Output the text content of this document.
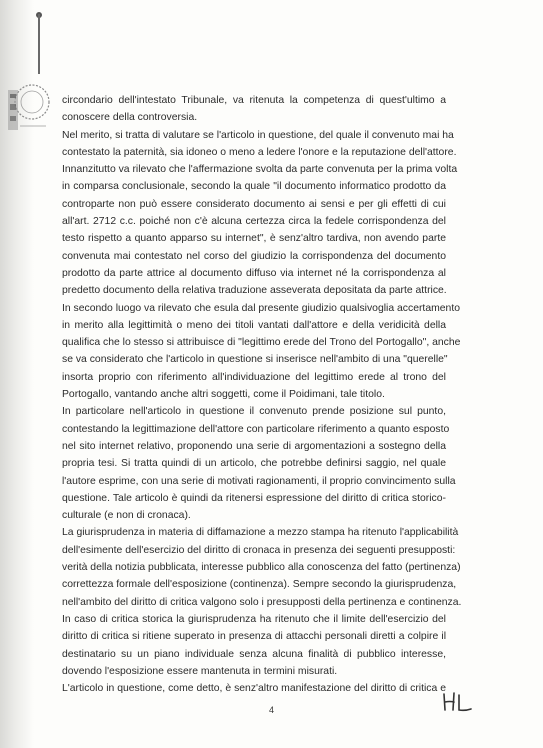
circondario dell'intestato Tribunale, va ritenuta la competenza di quest'ultimo a
conoscere della controversia.
Nel merito, si tratta di valutare se l'articolo in questione, del quale il convenuto mai ha
contestato la paternità, sia idoneo o meno a ledere l'onore e la reputazione dell'attore.
Innanzitutto va rilevato che l'affermazione svolta da parte convenuta per la prima volta
in comparsa conclusionale, secondo la quale "il documento informatico prodotto da
controparte non può essere considerato documento ai sensi e per gli effetti di cui
all'art. 2712 c.c. poiché non c'è alcuna certezza circa la fedele corrispondenza del
testo rispetto a quanto apparso su internet", è senz'altro tardiva, non avendo parte
convenuta mai contestato nel corso del giudizio la corrispondenza del documento
prodotto da parte attrice al documento diffuso via internet né la corrispondenza al
predetto documento della relativa traduzione asseverata depositata da parte attrice.
In secondo luogo va rilevato che esula dal presente giudizio qualsivoglia accertamento
in merito alla legittimità o meno dei titoli vantati dall'attore e della veridicità della
qualifica che lo stesso si attribuisce di "legittimo erede del Trono del Portogallo", anche
se va considerato che l'articolo in questione si inserisce nell'ambito di una "querelle"
insorta proprio con riferimento all'individuazione del legittimo erede al trono del
Portogallo, vantando anche altri soggetti, come il Poidimani, tale titolo.
In particolare nell'articolo in questione il convenuto prende posizione sul punto,
contestando la legittimazione dell'attore con particolare riferimento a quanto esposto
nel sito internet relativo, proponendo una serie di argomentazioni a sostegno della
propria tesi. Si tratta quindi di un articolo, che potrebbe definirsi saggio, nel quale
l'autore esprime, con una serie di motivati ragionamenti, il proprio convincimento sulla
questione. Tale articolo è quindi da ritenersi espressione del diritto di critica storico-
culturale (e non di cronaca).
La giurisprudenza in materia di diffamazione a mezzo stampa ha ritenuto l'applicabilità
dell'esimente dell'esercizio del diritto di cronaca in presenza dei seguenti presupposti:
verità della notizia pubblicata, interesse pubblico alla conoscenza del fatto (pertinenza)
correttezza formale dell'esposizione (continenza). Sempre secondo la giurisprudenza,
nell'ambito del diritto di critica valgono solo i presupposti della pertinenza e continenza.
In caso di critica storica la giurisprudenza ha ritenuto che il limite dell'esercizio del
diritto di critica si ritiene superato in presenza di attacchi personali diretti a colpire il
destinatario su un piano individuale senza alcuna finalità di pubblico interesse,
dovendo l'esposizione essere mantenuta in termini misurati.
L'articolo in questione, come detto, è senz'altro manifestazione del diritto di critica e
4
